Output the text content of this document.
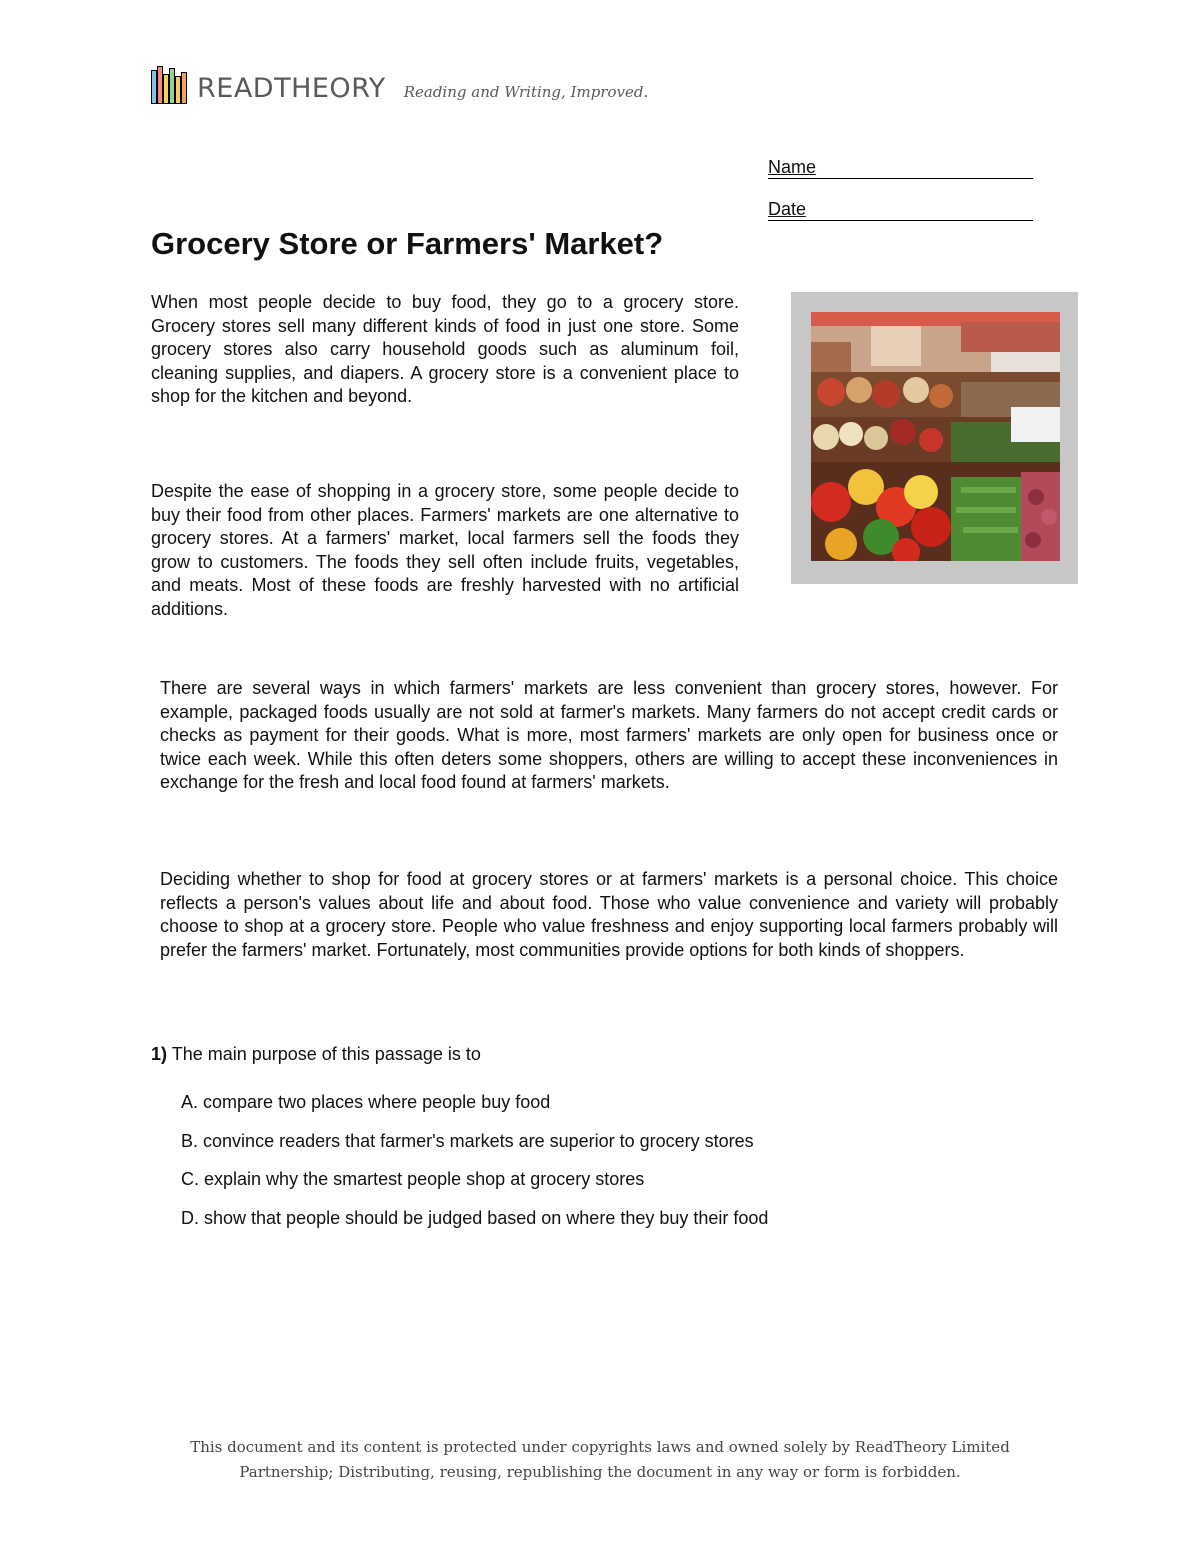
READTHEORY Reading and Writing, Improved.
Name
Date
Grocery Store or Farmers' Market?

When most people decide to buy food, they go to a grocery store. Grocery stores sell many different kinds of food in just one store. Some grocery stores also carry household goods such as aluminum foil, cleaning supplies, and diapers. A grocery store is a convenient place to shop for the kitchen and beyond.

Despite the ease of shopping in a grocery store, some people decide to buy their food from other places. Farmers' markets are one alternative to grocery stores. At a farmers' market, local farmers sell the foods they grow to customers. The foods they sell often include fruits, vegetables, and meats. Most of these foods are freshly harvested with no artificial additions.

There are several ways in which farmers' markets are less convenient than grocery stores, however. For example, packaged foods usually are not sold at farmer's markets. Many farmers do not accept credit cards or checks as payment for their goods. What is more, most farmers' markets are only open for business once or twice each week. While this often deters some shoppers, others are willing to accept these inconveniences in exchange for the fresh and local food found at farmers' markets.

Deciding whether to shop for food at grocery stores or at farmers' markets is a personal choice. This choice reflects a person's values about life and about food. Those who value convenience and variety will probably choose to shop at a grocery store. People who value freshness and enjoy supporting local farmers probably will prefer the farmers' market. Fortunately, most communities provide options for both kinds of shoppers.

1) The main purpose of this passage is to
A. compare two places where people buy food
B. convince readers that farmer's markets are superior to grocery stores
C. explain why the smartest people shop at grocery stores
D. show that people should be judged based on where they buy their food
This document and its content is protected under copyrights laws and owned solely by ReadTheory Limited
Partnership; Distributing, reusing, republishing the document in any way or form is forbidden.
